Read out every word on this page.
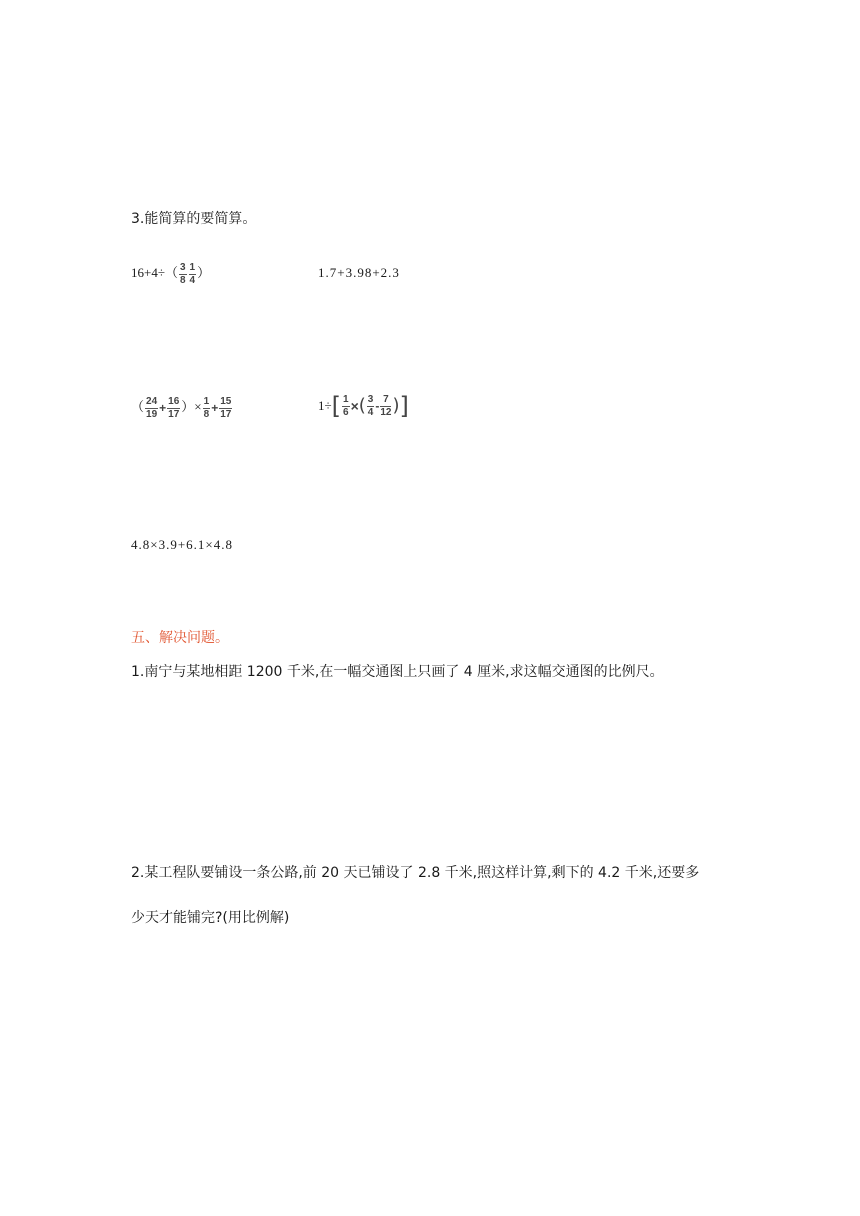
3.能简算的要简算。
$16+4\div( \frac{3}{8} \frac{1}{4}$ ）	1.7+3.98+2.3
（ $\frac{24}{19} + \frac{16}{17}$ ）× $\frac{1}{8} + \frac{15}{17}$	$1\div[ \frac{1}{6}$ ×( $\frac{3}{4} - \frac{7}{12}$ )]
4.8×3.9+6.1×4.8
五、解决问题。
1.南宁与某地相距 1200 千米,在一幅交通图上只画了 4 厘米,求这幅交通图的比例尺。
2.某工程队要铺设一条公路,前 20 天已铺设了 2.8 千米,照这样计算,剩下的 4.2 千米,还要多
少天才能铺完?(用比例解)
